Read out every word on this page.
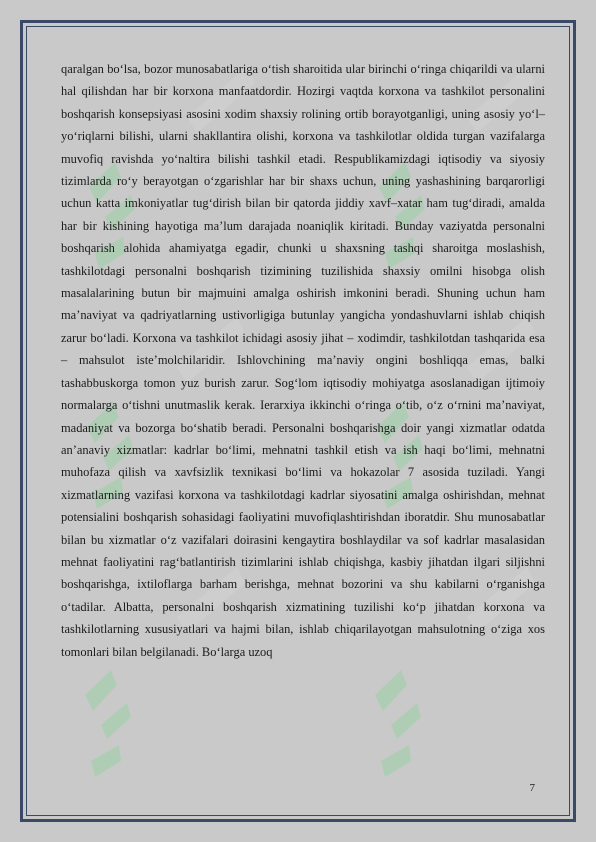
qaralgan boʻlsa, bozor munosabatlariga oʻtish sharoitida ular birinchi oʻringa chiqarildi va ularni hal qilishdan har bir korxona manfaatdordir. Hozirgi vaqtda korxona va tashkilot personalini boshqarish konsepsiyasi asosini xodim shaxsiy rolining ortib borayotganligi, uning asosiy yoʻl–yoʻriqlarni bilishi, ularni shakllantira olishi, korxona va tashkilotlar oldida turgan vazifalarga muvofiq ravishda yoʻnaltira bilishi tashkil etadi. Respublikamizdagi iqtisodiy va siyosiy tizimlarda roʻy berayotgan oʻzgarishlar har bir shaxs uchun, uning yashashining barqarorligi uchun katta imkoniyatlar tugʻdirish bilan bir qatorda jiddiy xavf–xatar ham tugʻdiradi, amalda har bir kishining hayotiga maʼlum darajada noaniqlik kiritadi. Bunday vaziyatda personalni boshqarish alohida ahamiyatga egadir, chunki u shaxsning tashqi sharoitga moslashish, tashkilotdagi personalni boshqarish tizimining tuzilishida shaxsiy omilni hisobga olish masalalarining butun bir majmuini amalga oshirish imkonini beradi. Shuning uchun ham maʼnaviyat va qadriyatlarning ustivorligiga butunlay yangicha yondashuvlarni ishlab chiqish zarur boʻladi. Korxona va tashkilot ichidagi asosiy jihat – xodimdir, tashkilotdan tashqarida esa – mahsulot isteʼmolchilaridir. Ishlovchining maʼnaviy ongini boshliqqa emas, balki tashabbuskorga tomon yuz burish zarur. Sogʻlom iqtisodiy mohiyatga asoslanadigan ijtimoiy normalarga oʻtishni unutmaslik kerak. Ierarxiya ikkinchi oʻringa oʻtib, oʻz oʻrnini maʼnaviyat, madaniyat va bozorga boʻshatib beradi. Personalni boshqarishga doir yangi xizmatlar odatda anʼanaviy xizmatlar: kadrlar boʻlimi, mehnatni tashkil etish va ish haqi boʻlimi, mehnatni muhofaza qilish va xavfsizlik texnikasi boʻlimi va hokazolar 7 asosida tuziladi. Yangi xizmatlarning vazifasi korxona va tashkilotdagi kadrlar siyosatini amalga oshirishdan, mehnat potensialini boshqarish sohasidagi faoliyatini muvofiqlashtirishdan iboratdir. Shu munosabatlar bilan bu xizmatlar oʻz vazifalari doirasini kengaytira boshlaydilar va sof kadrlar masalasidan mehnat faoliyatini ragʻbatlantirish tizimlarini ishlab chiqishga, kasbiy jihatdan ilgari siljishni boshqarishga, ixtiloflarga barham berishga, mehnat bozorini va shu kabilarni oʻrganishga oʻtadilar. Albatta, personalni boshqarish xizmatining tuzilishi koʻp jihatdan korxona va tashkilotlarning xususiyatlari va hajmi bilan, ishlab chiqarilayotgan mahsulotning oʻziga xos tomonlari bilan belgilanadi. Boʻlarga uzoq

7
